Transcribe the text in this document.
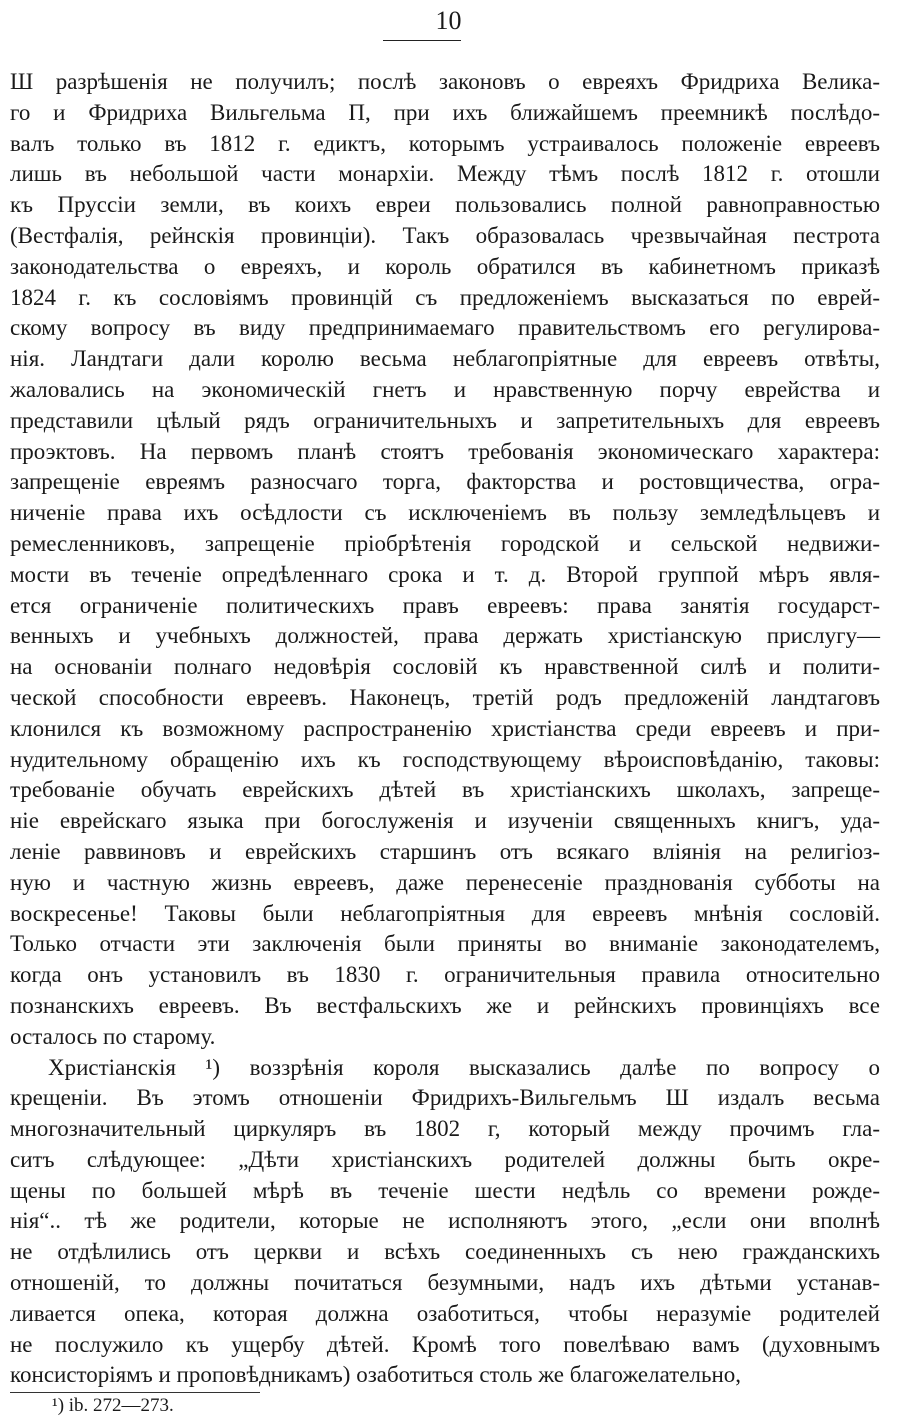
10
Ш разрѣшенія не получилъ; послѣ законовъ о евреяхъ Фридриха Велика-
го и Фридриха Вильгельма П, при ихъ ближайшемъ преемникѣ послѣдо-
валъ только въ 1812 г. едиктъ, которымъ устраивалось положеніе евреевъ
лишь въ небольшой части монархіи. Между тѣмъ послѣ 1812 г. отошли
къ Пруссіи земли, въ коихъ евреи пользовались полной равноправностью
(Вестфалія, рейнскія провинціи). Такъ образовалась чрезвычайная пестрота
законодательства о евреяхъ, и король обратился въ кабинетномъ приказѣ
1824 г. къ сословіямъ провинцій съ предложеніемъ высказаться по еврей-
скому вопросу въ виду предпринимаемаго правительствомъ его регулирова-
нія. Ландтаги дали королю весьма неблагопріятные для евреевъ отвѣты,
жаловались на экономическій гнетъ и нравственную порчу еврейства и
представили цѣлый рядъ ограничительныхъ и запретительныхъ для евреевъ
проэктовъ. На первомъ планѣ стоятъ требованія экономическаго характера:
запрещеніе евреямъ разносчаго торга, факторства и ростовщичества, огра-
ниченіе права ихъ осѣдлости съ исключеніемъ въ пользу земледѣльцевъ и
ремесленниковъ, запрещеніе пріобрѣтенія городской и сельской недвижи-
мости въ теченіе опредѣленнаго срока и т. д. Второй группой мѣръ явля-
ется ограниченіе политическихъ правъ евреевъ: права занятія государст-
венныхъ и учебныхъ должностей, права держать христіанскую прислугу—
на основаніи полнаго недовѣрія сословій къ нравственной силѣ и полити-
ческой способности евреевъ. Наконецъ, третій родъ предложеній ландтаговъ
клонился къ возможному распространенію христіанства среди евреевъ и при-
нудительному обращенію ихъ къ господствующему вѣроисповѣданію, таковы:
требованіе обучать еврейскихъ дѣтей въ христіанскихъ школахъ, запреще-
ніе еврейскаго языка при богослуженія и изученіи священныхъ книгъ, уда-
леніе раввиновъ и еврейскихъ старшинъ отъ всякаго вліянія на религіоз-
ную и частную жизнь евреевъ, даже перенесеніе празднованія субботы на
воскресенье! Таковы были неблагопріятныя для евреевъ мнѣнія сословій.
Только отчасти эти заключенія были приняты во вниманіе законодателемъ,
когда онъ установилъ въ 1830 г. ограничительныя правила относительно
познанскихъ евреевъ. Въ вестфальскихъ же и рейнскихъ провинціяхъ все
осталось по старому.
Христіанскія ¹) воззрѣнія короля высказались далѣе по вопросу о
крещеніи. Въ этомъ отношеніи Фридрихъ-Вильгельмъ Ш издалъ весьма
многозначительный циркуляръ въ 1802 г, который между прочимъ гла-
ситъ слѣдующее: „Дѣти христіанскихъ родителей должны быть окре-
щены по большей мѣрѣ въ теченіе шести недѣль со времени рожде-
нія“.. тѣ же родители, которые не исполняютъ этого, „если они вполнѣ
не отдѣлились отъ церкви и всѣхъ соединенныхъ съ нею гражданскихъ
отношеній, то должны почитаться безумными, надъ ихъ дѣтьми устанав-
ливается опека, которая должна озаботиться, чтобы неразуміе родителей
не послужило къ ущербу дѣтей. Кромѣ того повелѣваю вамъ (духовнымъ
консисторіямъ и проповѣдникамъ) озаботиться столь же благожелательно,
¹) ib. 272—273.
